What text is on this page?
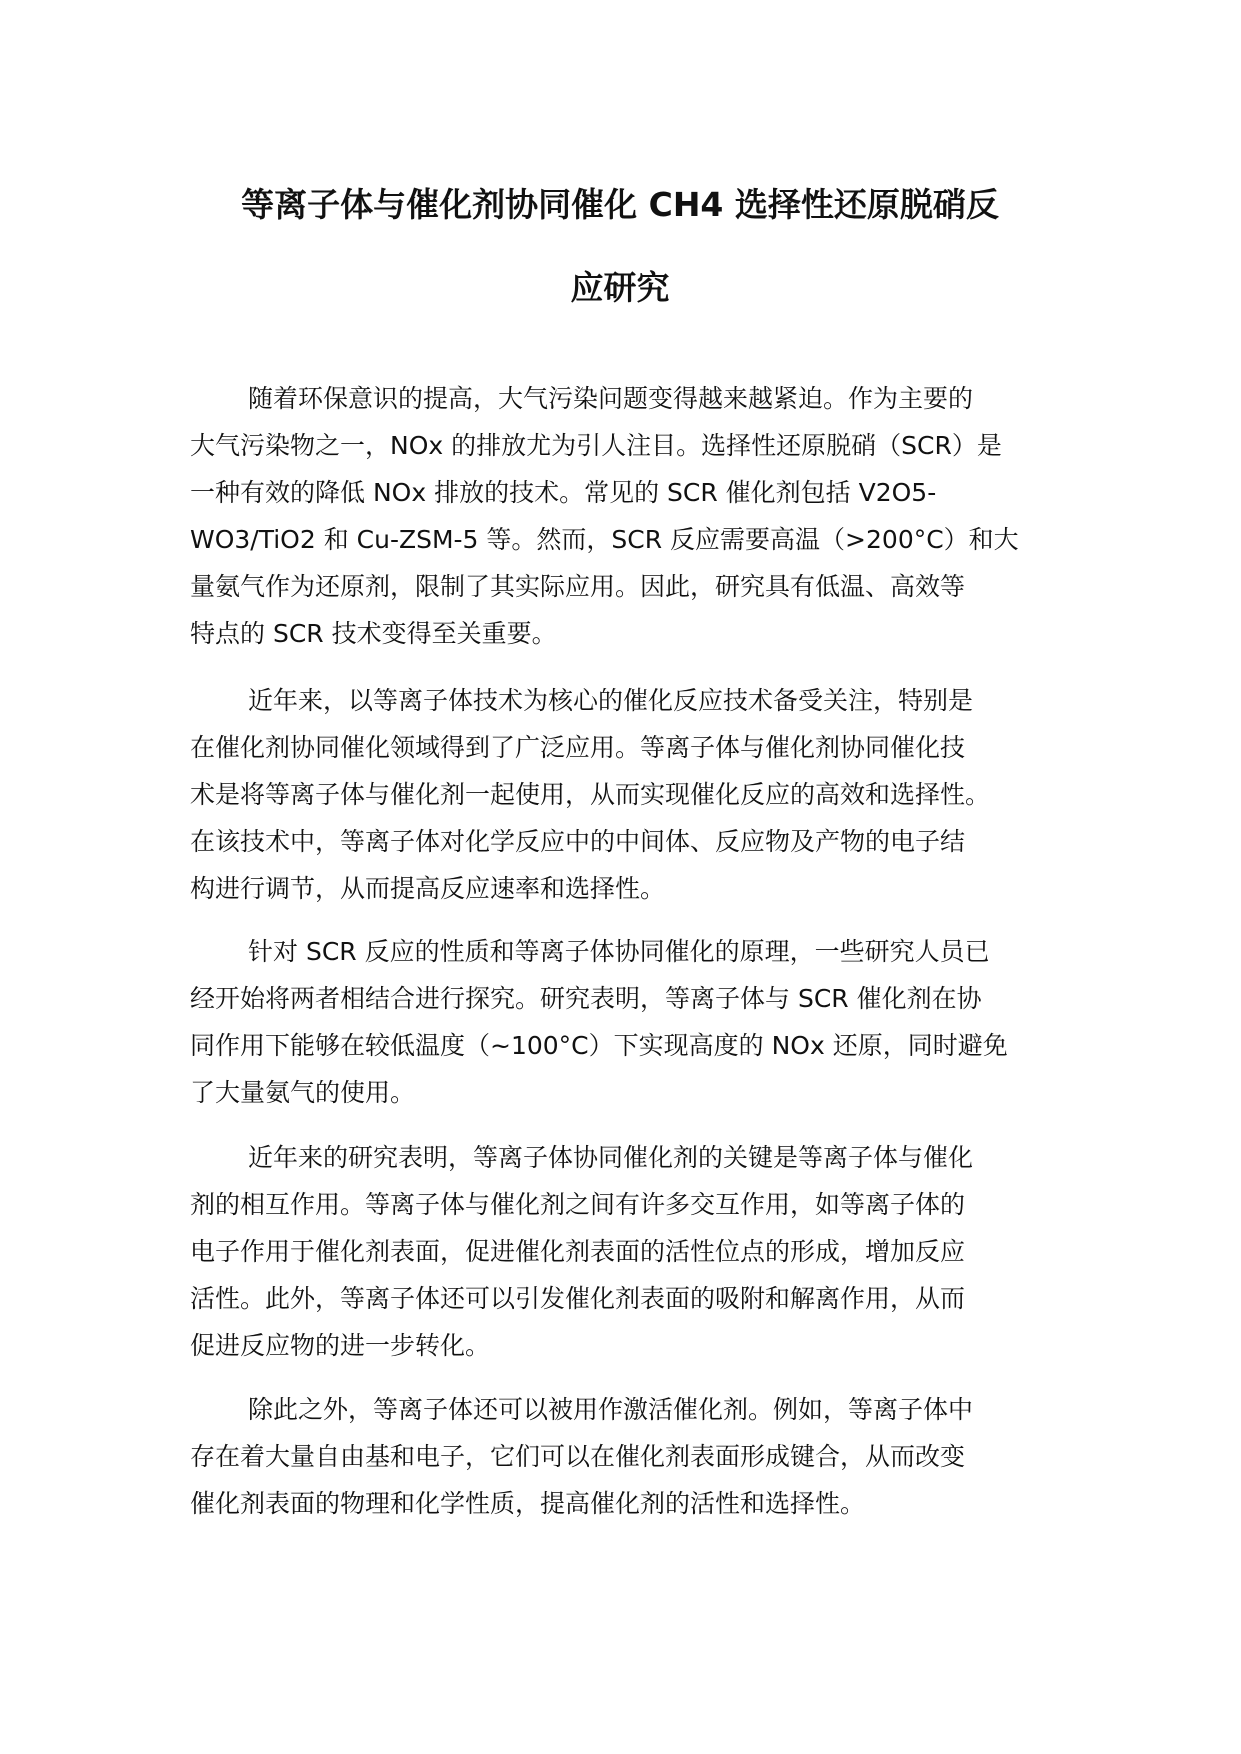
等离子体与催化剂协同催化 CH4 选择性还原脱硝反
应研究
随着环保意识的提高，大气污染问题变得越来越紧迫。作为主要的
大气污染物之一，NOx 的排放尤为引人注目。选择性还原脱硝（SCR）是
一种有效的降低 NOx 排放的技术。常见的 SCR 催化剂包括 V2O5-
WO3/TiO2 和 Cu-ZSM-5 等。然而，SCR 反应需要高温（>200°C）和大
量氨气作为还原剂，限制了其实际应用。因此，研究具有低温、高效等
特点的 SCR 技术变得至关重要。
近年来，以等离子体技术为核心的催化反应技术备受关注，特别是
在催化剂协同催化领域得到了广泛应用。等离子体与催化剂协同催化技
术是将等离子体与催化剂一起使用，从而实现催化反应的高效和选择性。
在该技术中，等离子体对化学反应中的中间体、反应物及产物的电子结
构进行调节，从而提高反应速率和选择性。
针对 SCR 反应的性质和等离子体协同催化的原理，一些研究人员已
经开始将两者相结合进行探究。研究表明，等离子体与 SCR 催化剂在协
同作用下能够在较低温度（~100°C）下实现高度的 NOx 还原，同时避免
了大量氨气的使用。
近年来的研究表明，等离子体协同催化剂的关键是等离子体与催化
剂的相互作用。等离子体与催化剂之间有许多交互作用，如等离子体的
电子作用于催化剂表面，促进催化剂表面的活性位点的形成，增加反应
活性。此外，等离子体还可以引发催化剂表面的吸附和解离作用，从而
促进反应物的进一步转化。
除此之外，等离子体还可以被用作激活催化剂。例如，等离子体中
存在着大量自由基和电子，它们可以在催化剂表面形成键合，从而改变
催化剂表面的物理和化学性质，提高催化剂的活性和选择性。
